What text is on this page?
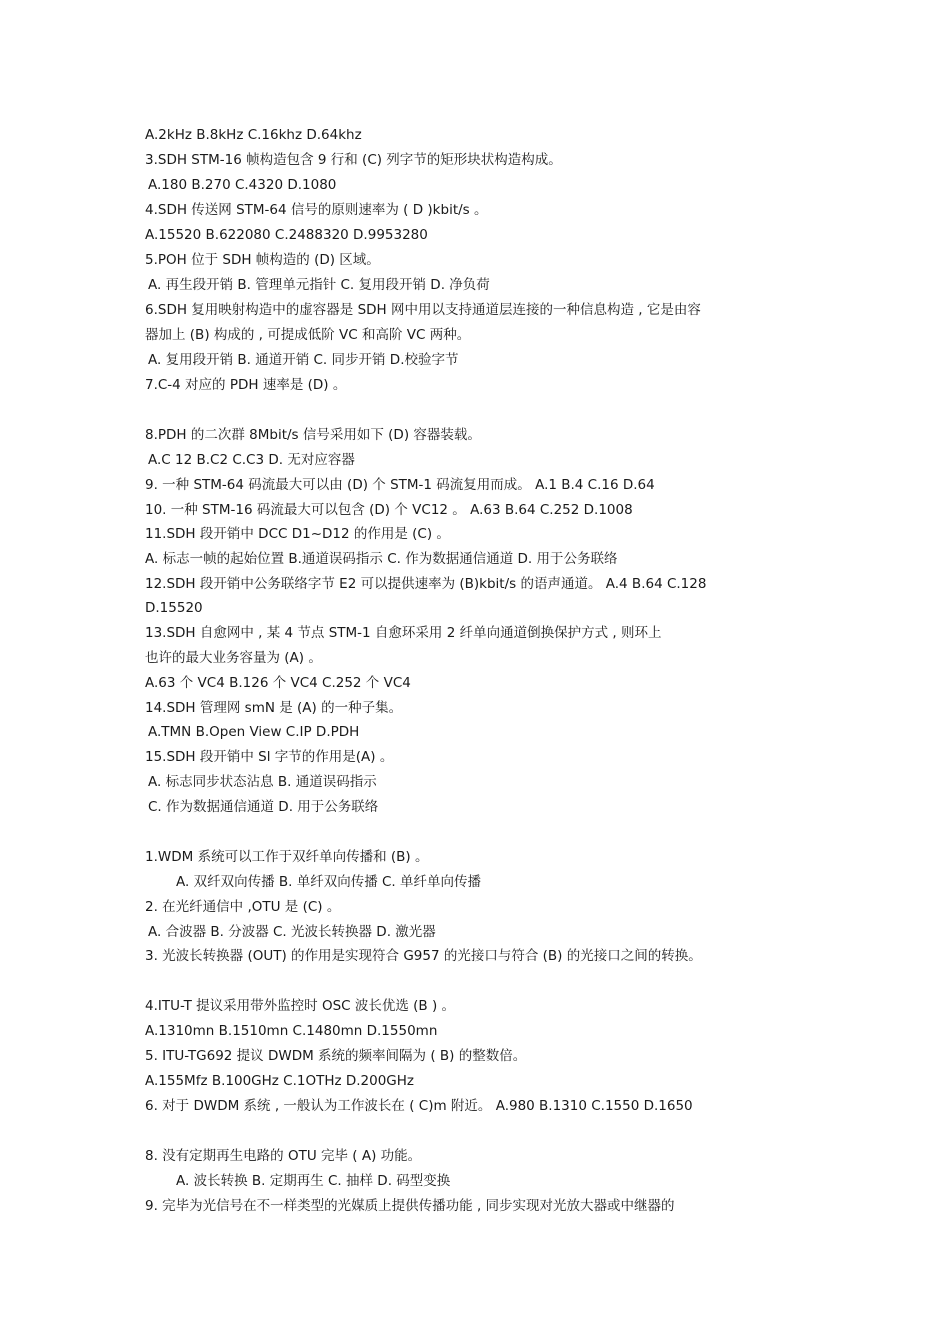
A.2kHz B.8kHz C.16khz D.64khz
3.SDH STM-16 帧构造包含 9 行和 (C) 列字节的矩形块状构造构成。
A.180 B.270 C.4320 D.1080
4.SDH 传送网 STM-64 信号的原则速率为 ( D )kbit/s 。
A.15520 B.622080 C.2488320 D.9953280
5.POH 位于 SDH 帧构造的 (D) 区域。
A. 再生段开销 B. 管理单元指针 C. 复用段开销 D. 净负荷
6.SDH 复用映射构造中的虚容器是 SDH 网中用以支持通道层连接的一种信息构造 , 它是由容
器加上 (B) 构成的 , 可提成低阶 VC 和高阶 VC 两种。
A. 复用段开销 B. 通道开销 C. 同步开销 D.校验字节
7.C-4 对应的 PDH 速率是 (D) 。
8.PDH 的二次群 8Mbit/s 信号采用如下 (D) 容器装载。
A.C 12 B.C2 C.C3 D. 无对应容器
9. 一种 STM-64 码流最大可以由 (D) 个 STM-1 码流复用而成。 A.1 B.4 C.16 D.64
10. 一种 STM-16 码流最大可以包含 (D) 个 VC12 。 A.63 B.64 C.252 D.1008
11.SDH 段开销中 DCC D1~D12 的作用是 (C) 。
A. 标志一帧的起始位置 B.通道误码指示 C. 作为数据通信通道 D. 用于公务联络
12.SDH 段开销中公务联络字节 E2 可以提供速率为 (B)kbit/s 的语声通道。 A.4 B.64 C.128
D.15520
13.SDH 自愈网中 , 某 4 节点 STM-1 自愈环采用 2 纤单向通道倒换保护方式 , 则环上
也许的最大业务容量为 (A) 。
A.63 个 VC4 B.126 个 VC4 C.252 个 VC4
14.SDH 管理网 smN 是 (A) 的一种子集。
A.TMN B.Open View C.IP D.PDH
15.SDH 段开销中 Sl 字节的作用是(A) 。
A. 标志同步状态沾息 B. 通道误码指示
C. 作为数据通信通道 D. 用于公务联络
1.WDM 系统可以工作于双纤单向传播和 (B) 。
A. 双纤双向传播 B. 单纤双向传播 C. 单纤单向传播
2. 在光纤通信中 ,OTU 是 (C) 。
A. 合波器 B. 分波器 C. 光波长转换器 D. 激光器
3. 光波长转换器 (OUT) 的作用是实现符合 G957 的光接口与符合 (B) 的光接口之间的转换。
4.ITU-T 提议采用带外监控时 OSC 波长优选 (B ) 。
A.1310mn B.1510mn C.1480mn D.1550mn
5. ITU-TG692 提议 DWDM 系统的频率间隔为 ( B) 的整数倍。
A.155Mfz B.100GHz C.1OTHz D.200GHz
6. 对于 DWDM 系统 , 一般认为工作波长在 ( C)m 附近。 A.980 B.1310 C.1550 D.1650
8. 没有定期再生电路的 OTU 完毕 ( A) 功能。
A. 波长转换 B. 定期再生 C. 抽样 D. 码型变换
9. 完毕为光信号在不一样类型的光媒质上提供传播功能 , 同步实现对光放大器或中继器的
